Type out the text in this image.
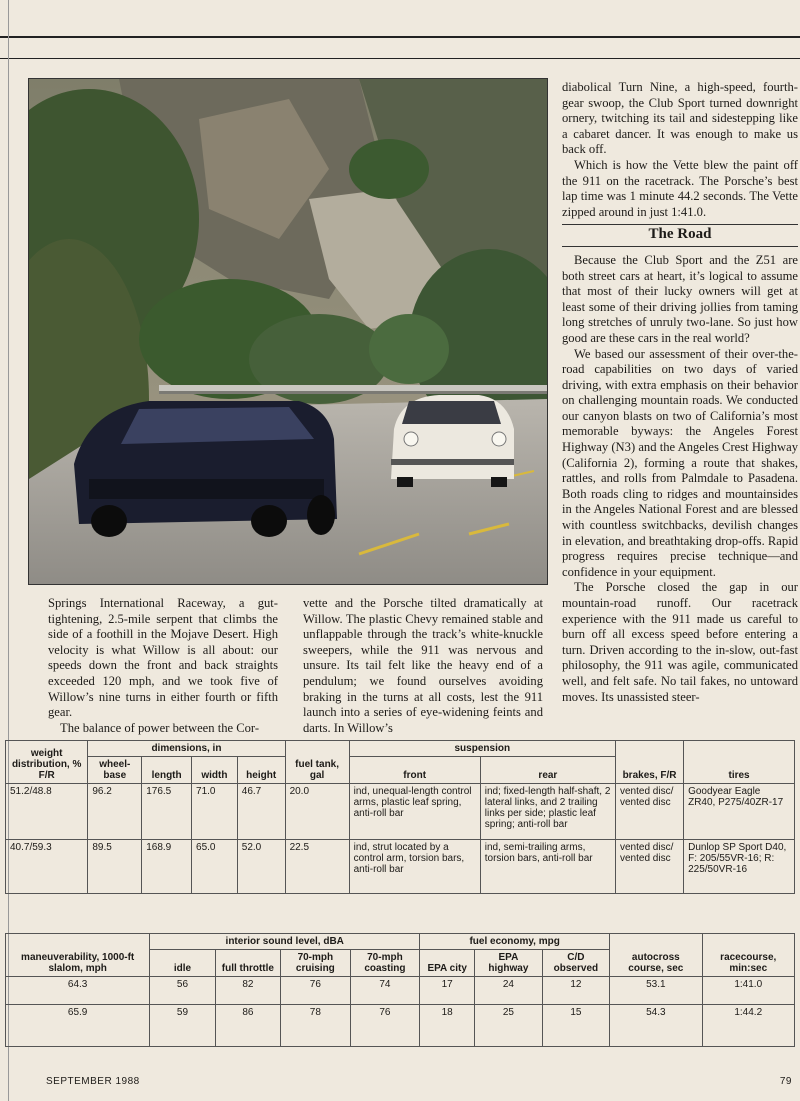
Springs International Raceway, a gut-tightening, 2.5-mile serpent that climbs the side of a foothill in the Mojave Desert. High velocity is what Willow is all about: our speeds down the front and back straights exceeded 120 mph, and we took five of Willow’s nine turns in either fourth or fifth gear.

The balance of power between the Cor-

vette and the Porsche tilted dramatically at Willow. The plastic Chevy remained stable and unflappable through the track’s white-knuckle sweepers, while the 911 was nervous and unsure. Its tail felt like the heavy end of a pendulum; we found ourselves avoiding braking in the turns at all costs, lest the 911 launch into a series of eye-widening feints and darts. In Willow’s

diabolical Turn Nine, a high-speed, fourth-gear swoop, the Club Sport turned downright ornery, twitching its tail and sidestepping like a cabaret dancer. It was enough to make us back off.

Which is how the Vette blew the paint off the 911 on the racetrack. The Porsche’s best lap time was 1 minute 44.2 seconds. The Vette zipped around in just 1:41.0.

The Road

Because the Club Sport and the Z51 are both street cars at heart, it’s logical to assume that most of their lucky owners will get at least some of their driving jollies from taming long stretches of unruly two-lane. So just how good are these cars in the real world?

We based our assessment of their over-the-road capabilities on two days of varied driving, with extra emphasis on their behavior on challenging mountain roads. We conducted our canyon blasts on two of California’s most memorable byways: the Angeles Forest Highway (N3) and the Angeles Crest Highway (California 2), forming a route that shakes, rattles, and rolls from Palmdale to Pasadena. Both roads cling to ridges and mountainsides in the Angeles National Forest and are blessed with countless switchbacks, devilish changes in elevation, and breathtaking drop-offs. Rapid progress requires precise technique—and confidence in your equipment.

The Porsche closed the gap in our mountain-road runoff. Our racetrack experience with the 911 made us careful to burn off all excess speed before entering a turn. Driven according to the in-slow, out-fast philosophy, the 911 was agile, communicated well, and felt safe. No tail fakes, no untoward moves. Its unassisted steer-

weight distribution, % F/R	dimensions, in				fuel tank, gal	suspension		brakes, F/R	tires
	wheel-base	length	width	height		front	rear		
51.2/48.8	96.2	176.5	71.0	46.7	20.0	ind, unequal-length control arms, plastic leaf spring, anti-roll bar	ind; fixed-length half-shaft, 2 lateral links, and 2 trailing links per side; plastic leaf spring; anti-roll bar	vented disc/ vented disc	Goodyear Eagle ZR40, P275/40ZR-17
40.7/59.3	89.5	168.9	65.0	52.0	22.5	ind, strut located by a control arm, torsion bars, anti-roll bar	ind, semi-trailing arms, torsion bars, anti-roll bar	vented disc/ vented disc	Dunlop SP Sport D40, F: 205/55VR-16; R: 225/50VR-16
maneuverability, 1000-ft slalom, mph	interior sound level, dBA				fuel economy, mpg			autocross course, sec	racecourse, min:sec
	idle	full throttle	70-mph cruising	70-mph coasting	EPA city	EPA highway	C/D observed		
64.3	56	82	76	74	17	24	12	53.1	1:41.0
65.9	59	86	78	76	18	25	15	54.3	1:44.2
SEPTEMBER 1988	79
